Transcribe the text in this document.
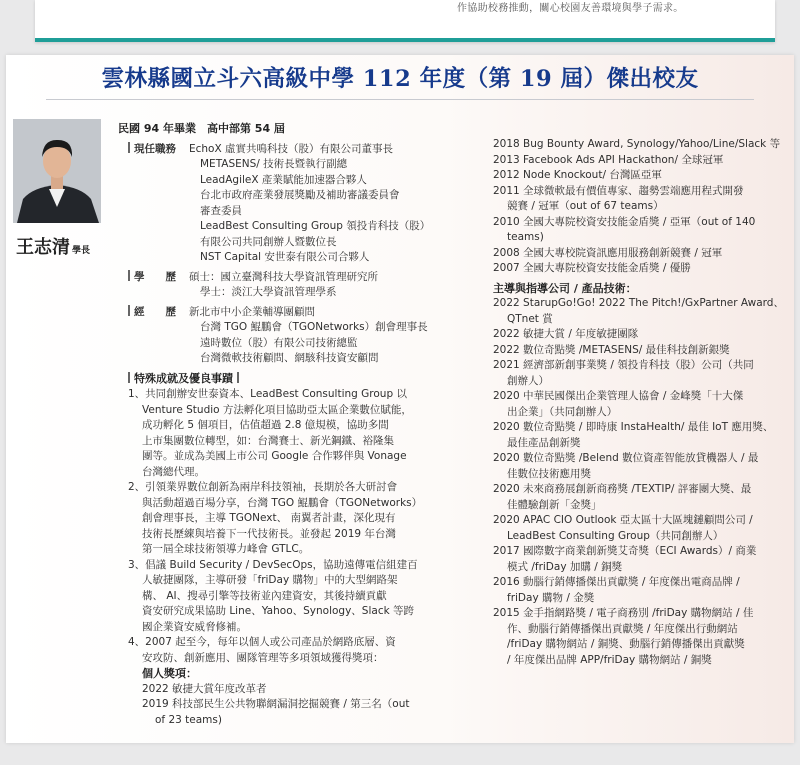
作協助校務推動，關心校園友善環境與學子需求。
雲林縣國立斗六高級中學 112 年度（第 19 屆）傑出校友
王志清 學長
民國 94 年畢業　高中部第 54 屆
現任職務 EchoX 虛實共鳴科技（股）有限公司董事長
METASENS/ 技術長暨執行副總
LeadAgileX 產業賦能加速器合夥人
台北市政府產業發展獎勵及補助審議委員會
審查委員
LeadBest Consulting Group 領投肯科技（股）
有限公司共同創辦人暨數位長
NST Capital 安世泰有限公司合夥人
學　　歷 碩士：國立臺灣科技大學資訊管理研究所
學士：淡江大學資訊管理學系
經　　歷 新北市中小企業輔導團顧問
台灣 TGO 鯤鵬會（TGONetworks）創會理事長
遠時數位（股）有限公司技術總監
台灣微軟技術顧問、網駭科技資安顧問
特殊成就及優良事蹟
1、共同創辦安世泰資本、LeadBest Consulting Group 以
Venture Studio 方法孵化項目協助亞太區企業數位賦能，
成功孵化 5 個項目，估值超過 2.8 億規模，協助多間
上市集團數位轉型，如：台灣賽士、新光鋼鐵、裕隆集
團等。並成為美國上市公司 Google 合作夥伴與 Vonage
台灣總代理。
2、引領業界數位創新為兩岸科技領袖，長期於各大研討會
與活動超過百場分享，台灣 TGO 鯤鵬會（TGONetworks）
創會理事長，主導 TGONext、 南翼者計畫，深化現有
技術長歷練與培養下一代技術長。並發起 2019 年台灣
第一屆全球技術領導力峰會 GTLC。
3、倡議 Build Security / DevSecOps，協助遠傳電信組建百
人敏捷團隊，主導研發「friDay 購物」中的大型網路架
構、 AI、搜尋引擎等技術並內建資安，其後持續貢獻
資安研究成果協助 Line、Yahoo、Synology、Slack 等跨
國企業資安威脅修補。
4、2007 起至今，每年以個人或公司產品於網路底層、資
安攻防、創新應用、團隊管理等多項領域獲得獎項：
個人獎項：
2022 敏捷大賞年度改革者
2019 科技部民生公共物聯網漏洞挖掘競賽 / 第三名（out
of 23 teams)
2018 Bug Bounty Award, Synology/Yahoo/Line/Slack 等
2013 Facebook Ads API Hackathon/ 全球冠軍
2012 Node Knockout/ 台灣區亞軍
2011 全球微軟最有價值專家、趨勢雲端應用程式開發
競賽 / 冠軍（out of 67 teams）
2010 全國大專院校資安技能金盾獎 / 亞軍（out of 140
teams)
2008 全國大專校院資訊應用服務創新競賽 / 冠軍
2007 全國大專院校資安技能金盾獎 / 優勝
主導與指導公司 / 產品技術：
2022 StarupGo!Go! 2022 The Pitch!/GxPartner Award、
QTnet 賞
2022 敏捷大賞 / 年度敏捷團隊
2022 數位奇點獎 /METASENS/ 最佳科技創新銀獎
2021 經濟部新創事業獎 / 領投肯科技（股）公司（共同
創辦人）
2020 中華民國傑出企業管理人協會 / 金峰獎「十大傑
出企業」（共同創辦人）
2020 數位奇點獎 / 即時康 InstaHealth/ 最佳 IoT 應用獎、
最佳產品創新獎
2020 數位奇點獎 /Belend 數位資產智能放貸機器人 / 最
佳數位技術應用獎
2020 未來商務展創新商務獎 /TEXTIP/ 評審團大獎、最
佳體驗創新「金獎」
2020 APAC CIO Outlook 亞太區十大區塊鏈顧問公司 /
LeadBest Consulting Group（共同創辦人）
2017 國際數字商業創新獎艾奇獎（ECI Awards）/ 商業
模式 /friDay 加購 / 銅獎
2016 動腦行銷傳播傑出貢獻獎 / 年度傑出電商品牌 /
friDay 購物 / 金獎
2015 金手指網路獎 / 電子商務別 /friDay 購物網站 / 佳
作、動腦行銷傳播傑出貢獻獎 / 年度傑出行動網站
/friDay 購物網站 / 銅獎、動腦行銷傳播傑出貢獻獎
/ 年度傑出品牌 APP/friDay 購物網站 / 銅獎
